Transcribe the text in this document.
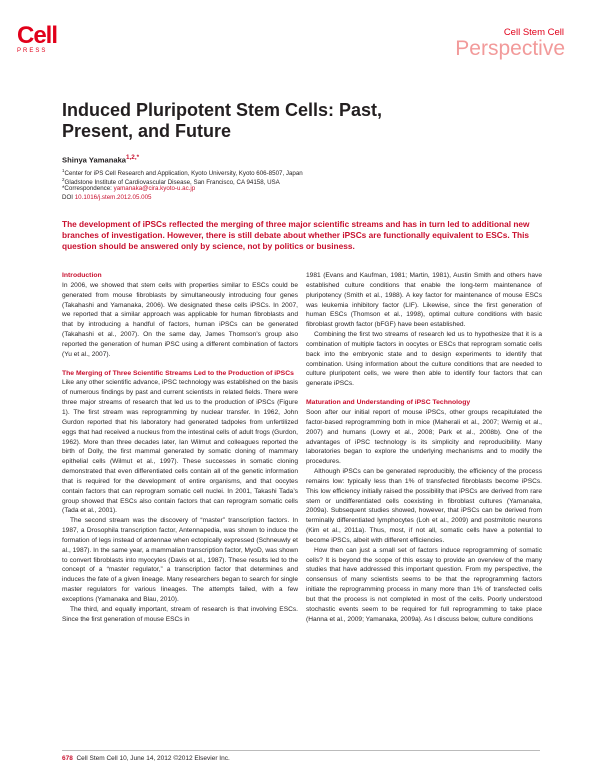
Cell
PRESS
Cell Stem Cell
Perspective
Induced Pluripotent Stem Cells: Past,
Present, and Future
Shinya Yamanaka$^{1,2,*}$
$^1$Center for iPS Cell Research and Application, Kyoto University, Kyoto 606-8507, Japan
$^2$Gladstone Institute of Cardiovascular Disease, San Francisco, CA 94158, USA
*Correspondence: yamanaka@cira.kyoto-u.ac.jp
DOI 10.1016/j.stem.2012.05.005
The development of iPSCs reflected the merging of three major scientific streams and has in turn led to additional new branches of investigation. However, there is still debate about whether iPSCs are functionally equivalent to ESCs. This question should be answered only by science, not by politics or business.
Introduction

In 2006, we showed that stem cells with properties similar to ESCs could be generated from mouse fibroblasts by simultaneously introducing four genes (Takahashi and Yamanaka, 2006). We designated these cells iPSCs. In 2007, we reported that a similar approach was applicable for human fibroblasts and that by introducing a handful of factors, human iPSCs can be generated (Takahashi et al., 2007). On the same day, James Thomson’s group also reported the generation of human iPSC using a different combination of factors (Yu et al., 2007).

The Merging of Three Scientific Streams Led to the Production of iPSCs

Like any other scientific advance, iPSC technology was established on the basis of numerous findings by past and current scientists in related fields. There were three major streams of research that led us to the production of iPSCs (Figure 1). The first stream was reprogramming by nuclear transfer. In 1962, John Gurdon reported that his laboratory had generated tadpoles from unfertilized eggs that had received a nucleus from the intestinal cells of adult frogs (Gurdon, 1962). More than three decades later, Ian Wilmut and colleagues reported the birth of Dolly, the first mammal generated by somatic cloning of mammary epithelial cells (Wilmut et al., 1997). These successes in somatic cloning demonstrated that even differentiated cells contain all of the genetic information that is required for the development of entire organisms, and that oocytes contain factors that can reprogram somatic cell nuclei. In 2001, Takashi Tada’s group showed that ESCs also contain factors that can reprogram somatic cells (Tada et al., 2001).

The second stream was the discovery of “master” transcription factors. In 1987, a Drosophila transcription factor, Antennapedia, was shown to induce the formation of legs instead of antennae when ectopically expressed (Schneuwly et al., 1987). In the same year, a mammalian transcription factor, MyoD, was shown to convert fibroblasts into myocytes (Davis et al., 1987). These results led to the concept of a “master regulator,” a transcription factor that determines and induces the fate of a given lineage. Many researchers began to search for single master regulators for various lineages. The attempts failed, with a few exceptions (Yamanaka and Blau, 2010).

The third, and equally important, stream of research is that involving ESCs. Since the first generation of mouse ESCs in

1981 (Evans and Kaufman, 1981; Martin, 1981), Austin Smith and others have established culture conditions that enable the long-term maintenance of pluripotency (Smith et al., 1988). A key factor for maintenance of mouse ESCs was leukemia inhibitory factor (LIF). Likewise, since the first generation of human ESCs (Thomson et al., 1998), optimal culture conditions with basic fibroblast growth factor (bFGF) have been established.

Combining the first two streams of research led us to hypothesize that it is a combination of multiple factors in oocytes or ESCs that reprogram somatic cells back into the embryonic state and to design experiments to identify that combination. Using information about the culture conditions that are needed to culture pluripotent cells, we were then able to identify four factors that can generate iPSCs.

Maturation and Understanding of iPSC Technology

Soon after our initial report of mouse iPSCs, other groups recapitulated the factor-based reprogramming both in mice (Maherali et al., 2007; Wernig et al., 2007) and humans (Lowry et al., 2008; Park et al., 2008b). One of the advantages of iPSC technology is its simplicity and reproducibility. Many laboratories began to explore the underlying mechanisms and to modify the procedures.

Although iPSCs can be generated reproducibly, the efficiency of the process remains low: typically less than 1% of transfected fibroblasts become iPSCs. This low efficiency initially raised the possibility that iPSCs are derived from rare stem or undifferentiated cells coexisting in fibroblast cultures (Yamanaka, 2009a). Subsequent studies showed, however, that iPSCs can be derived from terminally differentiated lymphocytes (Loh et al., 2009) and postmitotic neurons (Kim et al., 2011a). Thus, most, if not all, somatic cells have a potential to become iPSCs, albeit with different efficiencies.

How then can just a small set of factors induce reprogramming of somatic cells? It is beyond the scope of this essay to provide an overview of the many studies that have addressed this important question. From my perspective, the consensus of many scientists seems to be that the reprogramming factors initiate the reprogramming process in many more than 1% of transfected cells but that the process is not completed in most of the cells. Poorly understood stochastic events seem to be required for full reprogramming to take place (Hanna et al., 2009; Yamanaka, 2009a). As I discuss below, culture conditions

678 Cell Stem Cell 10, June 14, 2012 ©2012 Elsevier Inc.
